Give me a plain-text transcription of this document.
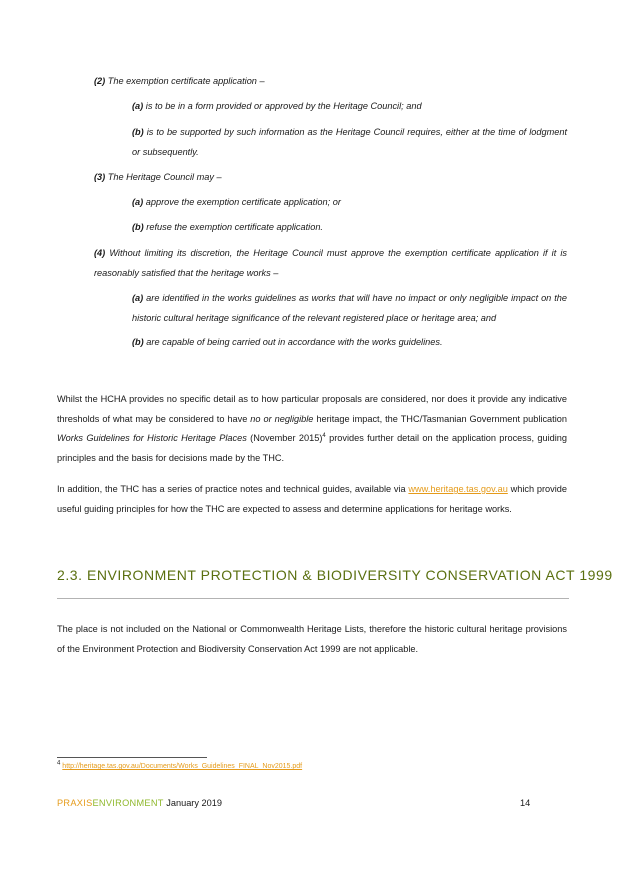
(2) The exemption certificate application –
(a) is to be in a form provided or approved by the Heritage Council; and
(b) is to be supported by such information as the Heritage Council requires, either at the time of lodgment or subsequently.
(3) The Heritage Council may –
(a) approve the exemption certificate application; or
(b) refuse the exemption certificate application.
(4) Without limiting its discretion, the Heritage Council must approve the exemption certificate application if it is reasonably satisfied that the heritage works –
(a) are identified in the works guidelines as works that will have no impact or only negligible impact on the historic cultural heritage significance of the relevant registered place or heritage area; and
(b) are capable of being carried out in accordance with the works guidelines.
Whilst the HCHA provides no specific detail as to how particular proposals are considered, nor does it provide any indicative thresholds of what may be considered to have no or negligible heritage impact, the THC/Tasmanian Government publication Works Guidelines for Historic Heritage Places (November 2015)$^4$ provides further detail on the application process, guiding principles and the basis for decisions made by the THC.
In addition, the THC has a series of practice notes and technical guides, available via www.heritage.tas.gov.au which provide useful guiding principles for how the THC are expected to assess and determine applications for heritage works.
2.3. ENVIRONMENT PROTECTION & BIODIVERSITY CONSERVATION ACT 1999
The place is not included on the National or Commonwealth Heritage Lists, therefore the historic cultural heritage provisions of the Environment Protection and Biodiversity Conservation Act 1999 are not applicable.
$^4$ http://heritage.tas.gov.au/Documents/Works_Guidelines_FINAL_Nov2015.pdf
PRAXISENVIRONMENT January 2019	14
